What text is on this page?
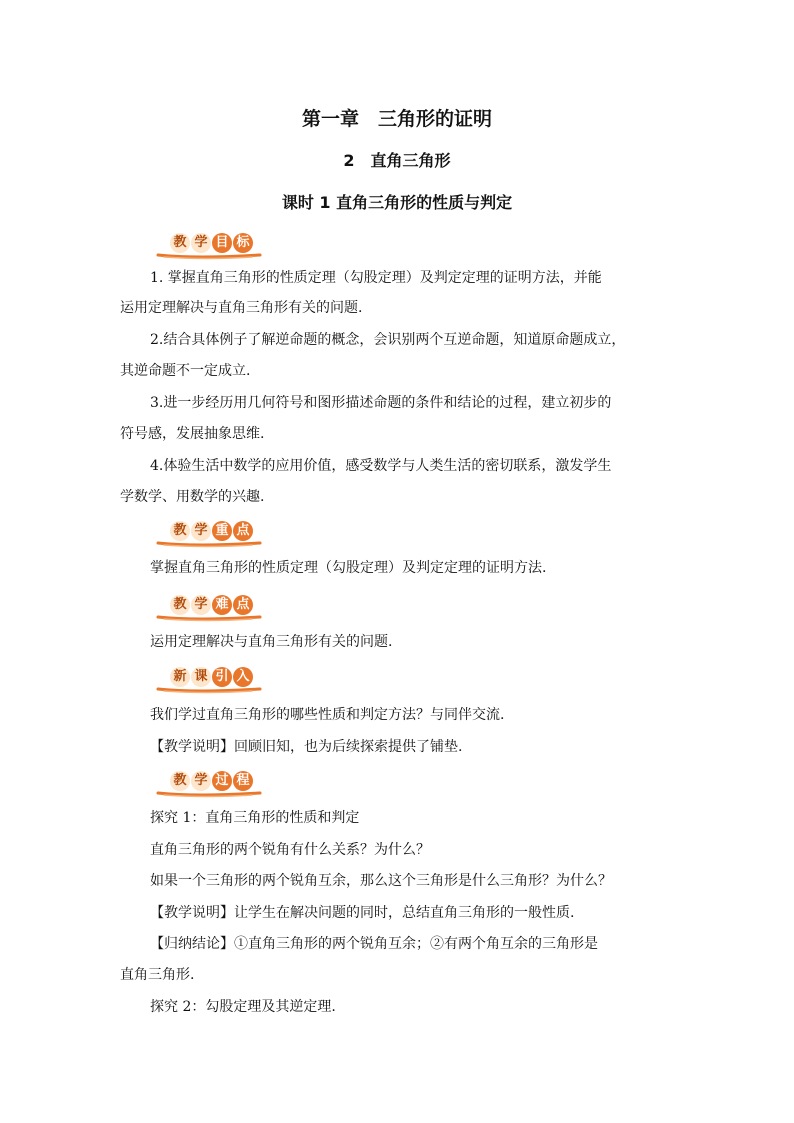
第一章　三角形的证明
2　直角三角形
课时 1 直角三角形的性质与判定
教 学 目 标
1. 掌握直角三角形的性质定理（勾股定理）及判定定理的证明方法，并能
运用定理解决与直角三角形有关的问题.
2.结合具体例子了解逆命题的概念，会识别两个互逆命题，知道原命题成立，
其逆命题不一定成立.
3.进一步经历用几何符号和图形描述命题的条件和结论的过程，建立初步的
符号感，发展抽象思维.
4.体验生活中数学的应用价值，感受数学与人类生活的密切联系，激发学生
学数学、用数学的兴趣.
教 学 重 点
掌握直角三角形的性质定理（勾股定理）及判定定理的证明方法.
教 学 难 点
运用定理解决与直角三角形有关的问题.
新 课 引 入
我们学过直角三角形的哪些性质和判定方法？与同伴交流.
【教学说明】回顾旧知，也为后续探索提供了铺垫.
教 学 过 程
探究 1：直角三角形的性质和判定
直角三角形的两个锐角有什么关系？为什么？
如果一个三角形的两个锐角互余，那么这个三角形是什么三角形？为什么？
【教学说明】让学生在解决问题的同时，总结直角三角形的一般性质.
【归纳结论】①直角三角形的两个锐角互余；②有两个角互余的三角形是
直角三角形.
探究 2：勾股定理及其逆定理.
